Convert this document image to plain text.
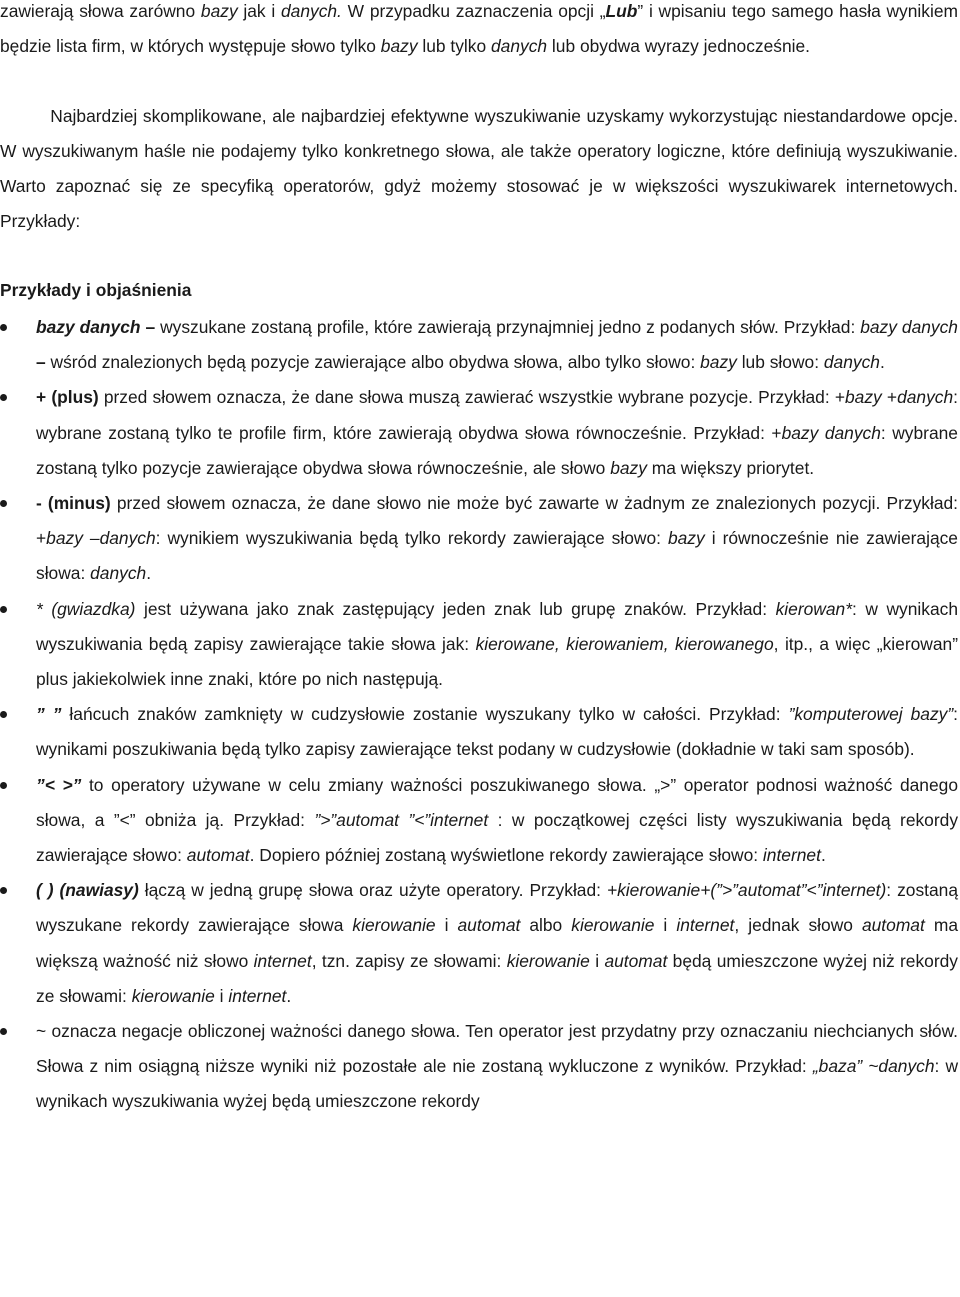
zawierają słowa zarówno bazy jak i danych. W przypadku zaznaczenia opcji „Lub” i wpisaniu tego samego hasła wynikiem będzie lista firm, w których występuje słowo tylko bazy lub tylko danych lub obydwa wyrazy jednocześnie.

Najbardziej skomplikowane, ale najbardziej efektywne wyszukiwanie uzyskamy wykorzystując niestandardowe opcje. W wyszukiwanym haśle nie podajemy tylko konkretnego słowa, ale także operatory logiczne, które definiują wyszukiwanie. Warto zapoznać się ze specyfiką operatorów, gdyż możemy stosować je w większości wyszukiwarek internetowych. Przykłady:

Przykłady i objaśnienia
bazy danych – wyszukane zostaną profile, które zawierają przynajmniej jedno z podanych słów. Przykład: bazy danych – wśród znalezionych będą pozycje zawierające albo obydwa słowa, albo tylko słowo: bazy lub słowo: danych.
+ (plus) przed słowem oznacza, że dane słowa muszą zawierać wszystkie wybrane pozycje. Przykład: +bazy +danych: wybrane zostaną tylko te profile firm, które zawierają obydwa słowa równocześnie. Przykład: +bazy danych: wybrane zostaną tylko pozycje zawierające obydwa słowa równocześnie, ale słowo bazy ma większy priorytet.
- (minus) przed słowem oznacza, że dane słowo nie może być zawarte w żadnym ze znalezionych pozycji. Przykład: +bazy –danych: wynikiem wyszukiwania będą tylko rekordy zawierające słowo: bazy i równocześnie nie zawierające słowa: danych.
* (gwiazdka) jest używana jako znak zastępujący jeden znak lub grupę znaków. Przykład: kierowan*: w wynikach wyszukiwania będą zapisy zawierające takie słowa jak: kierowane, kierowaniem, kierowanego, itp., a więc „kierowan” plus jakiekolwiek inne znaki, które po nich następują.
” ” łańcuch znaków zamknięty w cudzysłowie zostanie wyszukany tylko w całości. Przykład: ”komputerowej bazy”: wynikami poszukiwania będą tylko zapisy zawierające tekst podany w cudzysłowie (dokładnie w taki sam sposób).
”< >” to operatory używane w celu zmiany ważności poszukiwanego słowa. „>” operator podnosi ważność danego słowa, a ”<” obniża ją. Przykład: ”>”automat ”<”internet : w początkowej części listy wyszukiwania będą rekordy zawierające słowo: automat. Dopiero później zostaną wyświetlone rekordy zawierające słowo: internet.
( ) (nawiasy) łączą w jedną grupę słowa oraz użyte operatory. Przykład: +kierowanie+(”>”automat”<”internet): zostaną wyszukane rekordy zawierające słowa kierowanie i automat albo kierowanie i internet, jednak słowo automat ma większą ważność niż słowo internet, tzn. zapisy ze słowami: kierowanie i automat będą umieszczone wyżej niż rekordy ze słowami: kierowanie i internet.
~ oznacza negacje obliczonej ważności danego słowa. Ten operator jest przydatny przy oznaczaniu niechcianych słów. Słowa z nim osiągną niższe wyniki niż pozostałe ale nie zostaną wykluczone z wyników. Przykład: „baza” ~danych: w wynikach wyszukiwania wyżej będą umieszczone rekordy
